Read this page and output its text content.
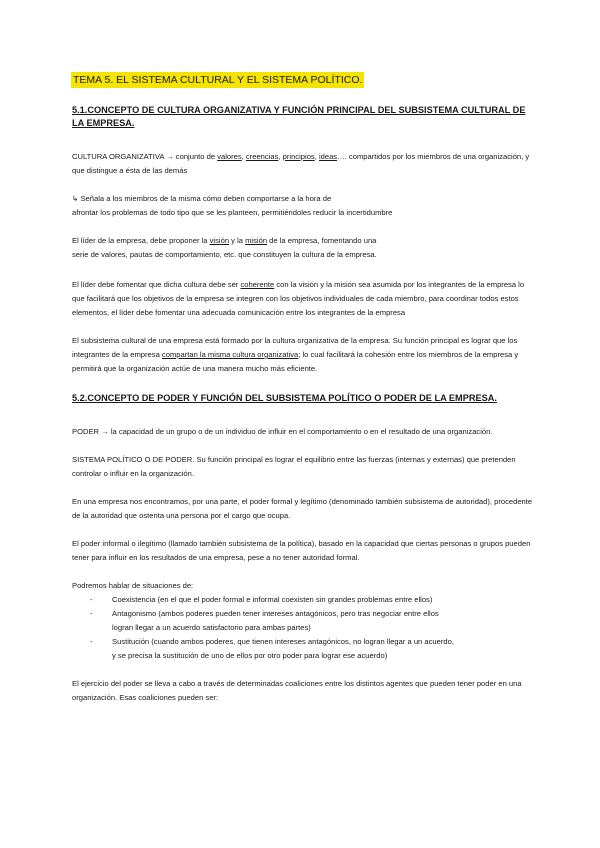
TEMA 5. EL SISTEMA CULTURAL Y EL SISTEMA POLÍTICO.
5.1.CONCEPTO DE CULTURA ORGANIZATIVA Y FUNCIÓN PRINCIPAL DEL SUBSISTEMA CULTURAL DE LA EMPRESA.

CULTURA ORGANIZATIVA → conjunto de valores, creencias, principios, ideas…. compartidos por los miembros de una organización, y que distingue a ésta de las demás

↳ Señala a los miembros de la misma cómo deben comportarse a la hora de
afrontar los problemas de todo tipo que se les planteen, permitiéndoles reducir la incertidumbre

El líder de la empresa, debe proponer la visión y la misión de la empresa, fomentando una
serie de valores, pautas de comportamiento, etc. que constituyen la cultura de la empresa.

El líder debe fomentar que dicha cultura debe ser coherente con la visión y la misión sea asumida por los integrantes de la empresa lo que facilitará que los objetivos de la empresa se integren con los objetivos individuales de cada miembro, para coordinar todos estos elementos, el líder debe fomentar una adecuada comunicación entre los integrantes de la empresa

El subsistema cultural de una empresa está formado por la cultura organizativa de la empresa. Su función principal es lograr que los integrantes de la empresa compartan la misma cultura organizativa; lo cual facilitará la cohesión entre los miembros de la empresa y permitirá que la organización actúe de una manera mucho más eficiente.

5.2.CONCEPTO DE PODER Y FUNCIÓN DEL SUBSISTEMA POLÍTICO O PODER DE LA EMPRESA.

PODER → la capacidad de un grupo o de un individuo de influir en el comportamiento o en el resultado de una organización.

SISTEMA POLÍTICO O DE PODER. Su función principal es lograr el equilibrio entre las fuerzas (internas y externas) que pretenden controlar o influir en la organización.

En una empresa nos encontramos, por una parte, el poder formal y legítimo (denominado también subsistema de autoridad), procedente de la autoridad que ostenta una persona por el cargo que ocupa.

El poder informal o ilegítimo (llamado también subsistema de la política), basado en la capacidad que ciertas personas o grupos pueden tener para influir en los resultados de una empresa, pese a no tener autoridad formal.

Podremos hablar de situaciones de:

-	Coexistencia (en el que el poder formal e informal coexisten sin grandes problemas entre ellos)
-	Antagonismo (ambos poderes pueden tener intereses antagónicos, pero tras negociar entre ellos
logran llegar a un acuerdo satisfactorio para ambas partes)
-	Sustitución (cuando ambos poderes, que tienen intereses antagónicos, no logran llegar a un acuerdo,
y se precisa la sustitución de uno de ellos por otro poder para lograr ese acuerdo)

El ejercicio del poder se lleva a cabo a través de determinadas coaliciones entre los distintos agentes que pueden tener poder en una organización. Esas coaliciones pueden ser:
